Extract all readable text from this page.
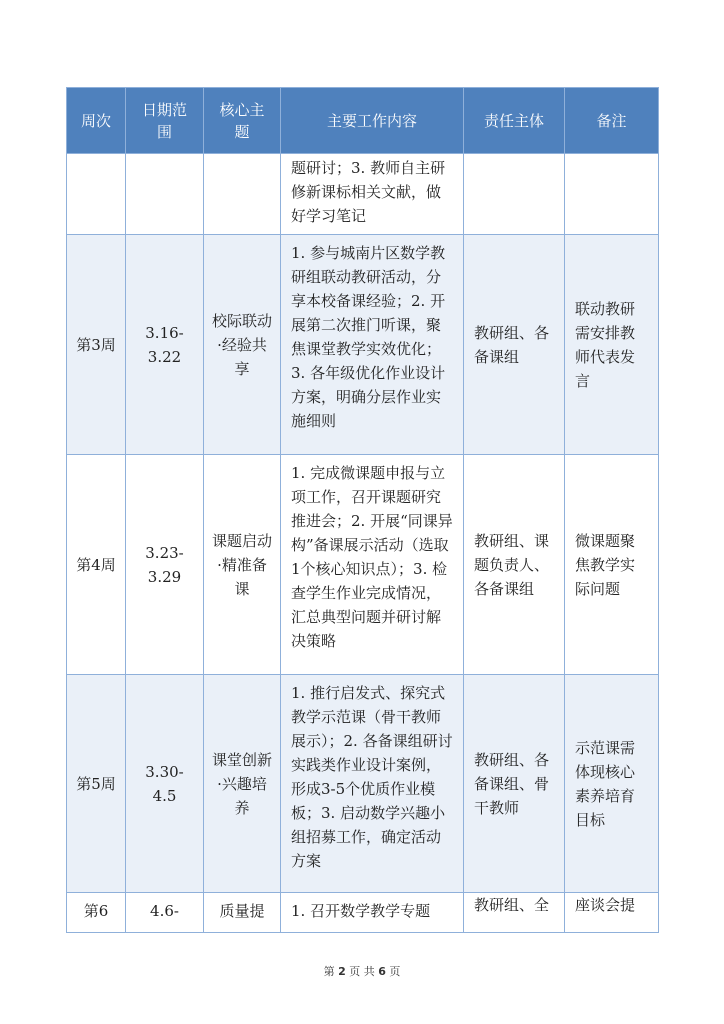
周次	日期范围	核心主题	主要工作内容	责任主体	备注
			题研讨；3. 教师自主研修新课标相关文献，做好学习笔记		
第3周	3.16-3.22	校际联动·经验共享	1. 参与城南片区数学教研组联动教研活动，分享本校备课经验；2. 开展第二次推门听课，聚焦课堂教学实效优化；3. 各年级优化作业设计方案，明确分层作业实施细则	教研组、各备课组	联动教研需安排教师代表发言
第4周	3.23-3.29	课题启动·精准备课	1. 完成微课题申报与立项工作，召开课题研究推进会；2. 开展“同课异构”备课展示活动（选取1个核心知识点）；3. 检查学生作业完成情况，汇总典型问题并研讨解决策略	教研组、课题负责人、各备课组	微课题聚焦教学实际问题
第5周	3.30-4.5	课堂创新·兴趣培养	1. 推行启发式、探究式教学示范课（骨干教师展示）；2. 各备课组研讨实践类作业设计案例，形成3-5个优质作业模板；3. 启动数学兴趣小组招募工作，确定活动方案	教研组、各备课组、骨干教师	示范课需体现核心素养培育目标
第6	4.6-	质量提	1. 召开数学教学专题	教研组、全	座谈会提
第 2 页 共 6 页
